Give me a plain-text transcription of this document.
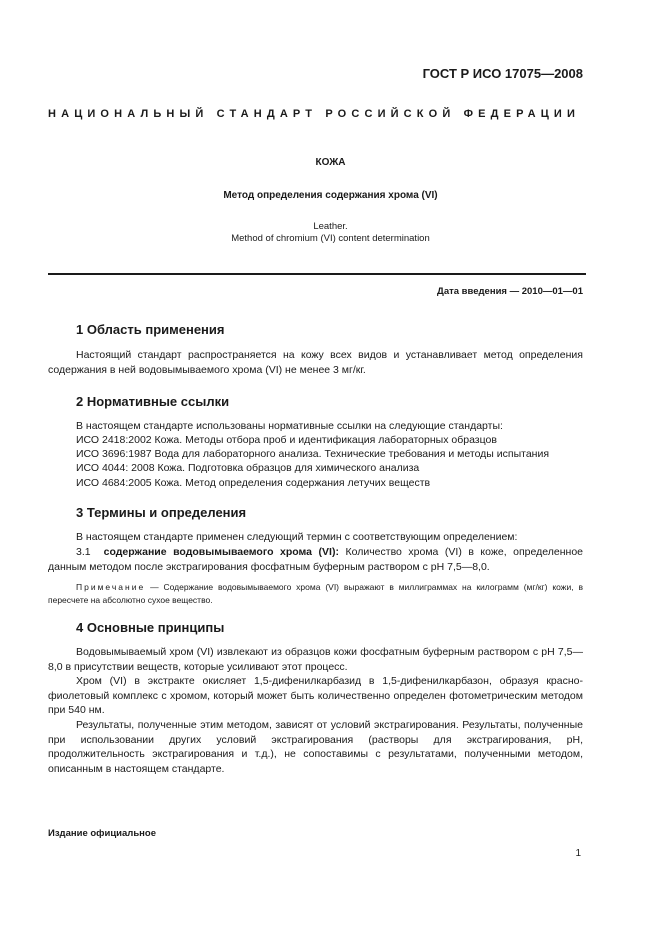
ГОСТ Р ИСО 17075—2008
НАЦИОНАЛЬНЫЙ СТАНДАРТ РОССИЙСКОЙ ФЕДЕРАЦИИ
КОЖА
Метод определения содержания хрома (VI)
Leather.
Method of chromium (VI) content determination
Дата введения — 2010—01—01
1 Область применения
Настоящий стандарт распространяется на кожу всех видов и устанавливает метод определения содержания в ней водовымываемого хрома (VI) не менее 3 мг/кг.
2 Нормативные ссылки
В настоящем стандарте использованы нормативные ссылки на следующие стандарты:
ИСО 2418:2002 Кожа. Методы отбора проб и идентификация лабораторных образцов
ИСО 3696:1987 Вода для лабораторного анализа. Технические требования и методы испытания
ИСО 4044: 2008 Кожа. Подготовка образцов для химического анализа
ИСО 4684:2005 Кожа. Метод определения содержания летучих веществ
3 Термины и определения
В настоящем стандарте применен следующий термин с соответствующим определением:
3.1 содержание водовымываемого хрома (VI): Количество хрома (VI) в коже, определенное данным методом после экстрагирования фосфатным буферным раствором с pH 7,5—8,0.
Примечание — Содержание водовымываемого хрома (VI) выражают в миллиграммах на килограмм (мг/кг) кожи, в пересчете на абсолютно сухое вещество.
4 Основные принципы
Водовымываемый хром (VI) извлекают из образцов кожи фосфатным буферным раствором с pH 7,5—8,0 в присутствии веществ, которые усиливают этот процесс.
Хром (VI) в экстракте окисляет 1,5-дифенилкарбазид в 1,5-дифенилкарбазон, образуя красно-фиолетовый комплекс с хромом, который может быть количественно определен фотометрическим методом при 540 нм.
Результаты, полученные этим методом, зависят от условий экстрагирования. Результаты, полученные при использовании других условий экстрагирования (растворы для экстрагирования, pH, продолжительность экстрагирования и т.д.), не сопоставимы с результатами, полученными методом, описанным в настоящем стандарте.
Издание официальное
1
